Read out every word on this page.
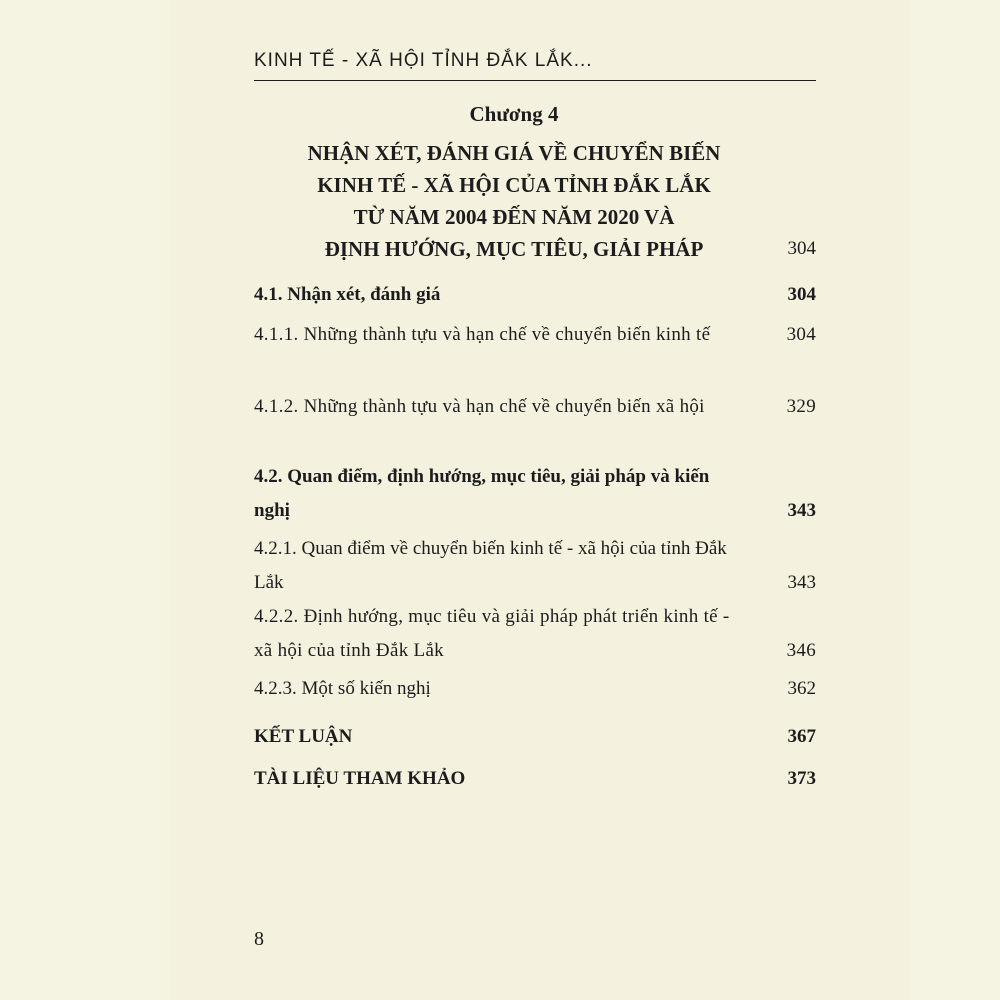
KINH TẾ - XÃ HỘI TỈNH ĐẮK LẮK...
Chương 4
NHẬN XÉT, ĐÁNH GIÁ VỀ CHUYỂN BIẾN
KINH TẾ - XÃ HỘI CỦA TỈNH ĐẮK LẮK
TỪ NĂM 2004 ĐẾN NĂM 2020 VÀ
ĐỊNH HƯỚNG, MỤC TIÊU, GIẢI PHÁP
	304
4.1. Nhận xét, đánh giá	304
4.1.1. Những thành tựu và hạn chế về chuyển biến kinh tế	304
4.1.2. Những thành tựu và hạn chế về chuyển biến xã hội	329
4.2. Quan điểm, định hướng, mục tiêu, giải pháp và kiến nghị	343
4.2.1. Quan điểm về chuyển biến kinh tế - xã hội của tỉnh Đắk Lắk	343
4.2.2. Định hướng, mục tiêu và giải pháp phát triển kinh tế - xã hội của tỉnh Đắk Lắk	346
4.2.3. Một số kiến nghị	362
KẾT LUẬN	367
TÀI LIỆU THAM KHẢO	373
8
